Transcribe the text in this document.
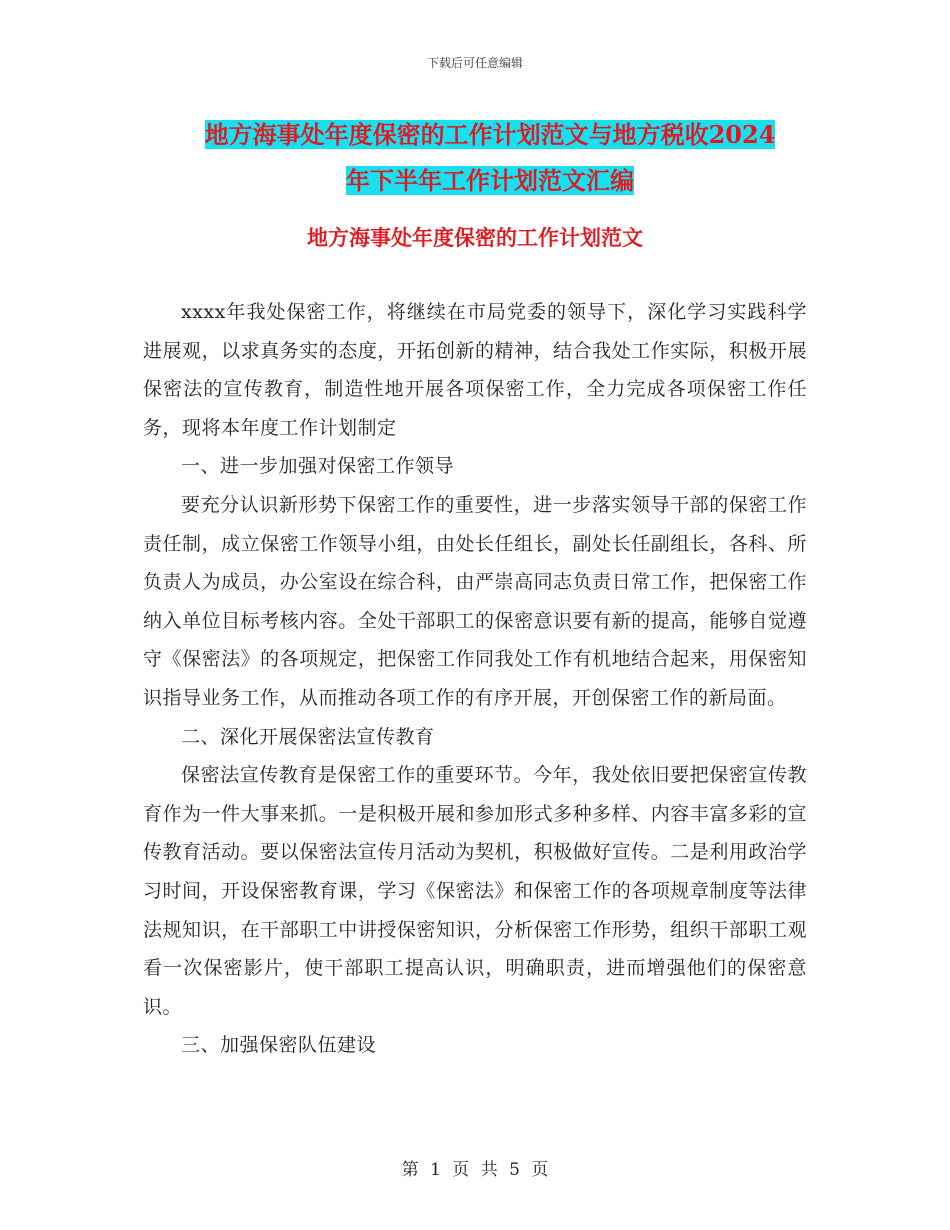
下载后可任意编辑
地方海事处年度保密的工作计划范文与地方税收2024
年下半年工作计划范文汇编
地方海事处年度保密的工作计划范文

xxxx年我处保密工作，将继续在市局党委的领导下，深化学习实践科学进展观，以求真务实的态度，开拓创新的精神，结合我处工作实际，积极开展保密法的宣传教育，制造性地开展各项保密工作，全力完成各项保密工作任务，现将本年度工作计划制定

一、进一步加强对保密工作领导

要充分认识新形势下保密工作的重要性，进一步落实领导干部的保密工作责任制，成立保密工作领导小组，由处长任组长，副处长任副组长，各科、所负责人为成员，办公室设在综合科，由严崇高同志负责日常工作，把保密工作纳入单位目标考核内容。全处干部职工的保密意识要有新的提高，能够自觉遵守《保密法》的各项规定，把保密工作同我处工作有机地结合起来，用保密知识指导业务工作，从而推动各项工作的有序开展，开创保密工作的新局面。

二、深化开展保密法宣传教育

保密法宣传教育是保密工作的重要环节。今年，我处依旧要把保密宣传教育作为一件大事来抓。一是积极开展和参加形式多种多样、内容丰富多彩的宣传教育活动。要以保密法宣传月活动为契机，积极做好宣传。二是利用政治学习时间，开设保密教育课，学习《保密法》和保密工作的各项规章制度等法律法规知识，在干部职工中讲授保密知识，分析保密工作形势，组织干部职工观看一次保密影片，使干部职工提高认识，明确职责，进而增强他们的保密意识。

三、加强保密队伍建设

第 1 页 共 5 页
